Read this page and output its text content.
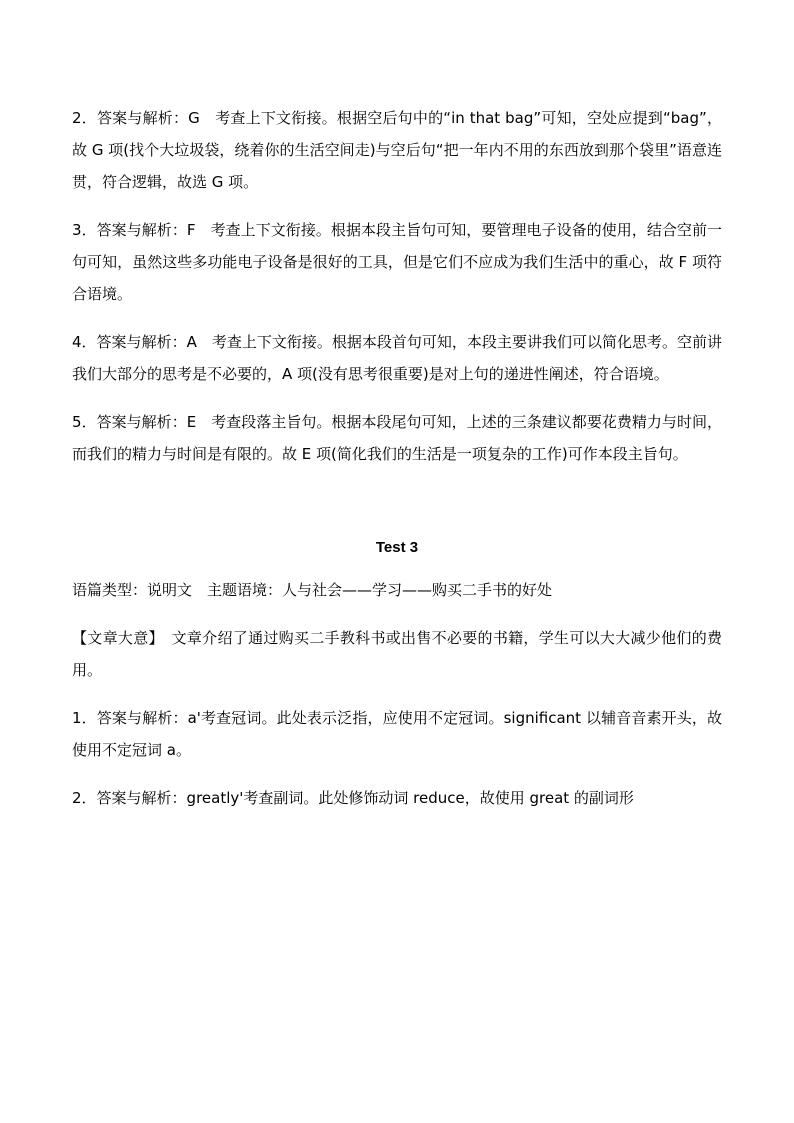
2．答案与解析：G　考查上下文衔接。根据空后句中的“in that bag”可知，空处应提到“bag”，故 G 项(找个大垃圾袋，绕着你的生活空间走)与空后句“把一年内不用的东西放到那个袋里”语意连贯，符合逻辑，故选 G 项。

3．答案与解析：F　考查上下文衔接。根据本段主旨句可知，要管理电子设备的使用，结合空前一句可知，虽然这些多功能电子设备是很好的工具，但是它们不应成为我们生活中的重心，故 F 项符合语境。

4．答案与解析：A　考查上下文衔接。根据本段首句可知，本段主要讲我们可以简化思考。空前讲我们大部分的思考是不必要的，A 项(没有思考很重要)是对上句的递进性阐述，符合语境。

5．答案与解析：E　考查段落主旨句。根据本段尾句可知，上述的三条建议都要花费精力与时间，而我们的精力与时间是有限的。故 E 项(简化我们的生活是一项复杂的工作)可作本段主旨句。

Test 3

语篇类型：说明文　主题语境：人与社会——学习——购买二手书的好处

【文章大意】　文章介绍了通过购买二手教科书或出售不必要的书籍，学生可以大大减少他们的费用。

1．答案与解析：a'考查冠词。此处表示泛指，应使用不定冠词。significant 以辅音音素开头，故使用不定冠词 a。

2．答案与解析：greatly'考查副词。此处修饰动词 reduce，故使用 great 的副词形
